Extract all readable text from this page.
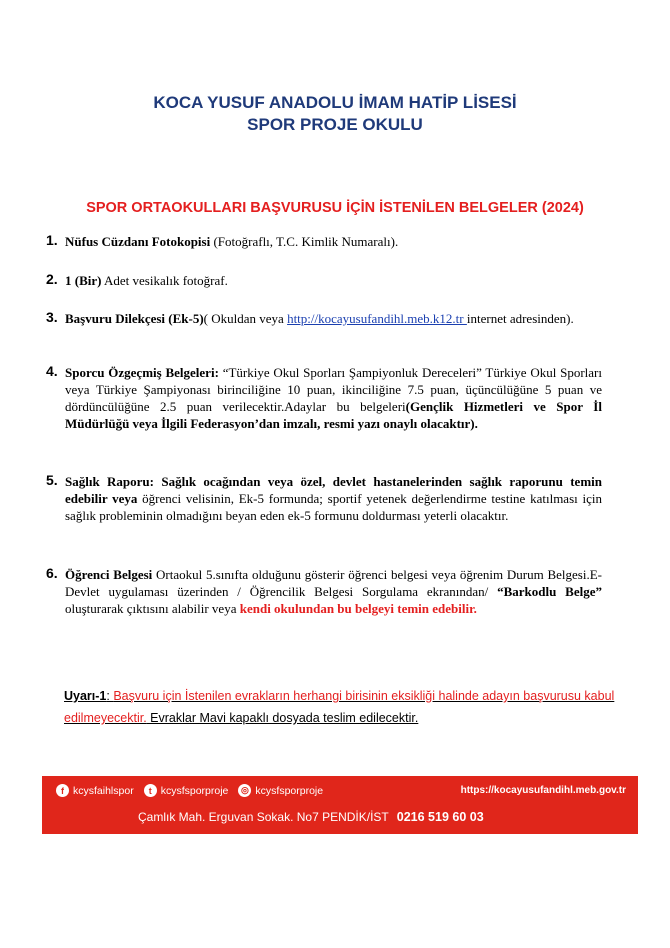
KOCA YUSUF ANADOLU İMAM HATİP LİSESİ
SPOR PROJE OKULU
SPOR ORTAOKULLARI BAŞVURUSU İÇİN İSTENİLEN BELGELER (2024)
1. Nüfus Cüzdanı Fotokopisi (Fotoğraflı, T.C. Kimlik Numaralı).
2. 1 (Bir) Adet vesikalık fotoğraf.
3. Başvuru Dilekçesi (Ek-5)( Okuldan veya http://kocayusufandihl.meb.k12.tr internet adresinden).
4. Sporcu Özgeçmiş Belgeleri: “Türkiye Okul Sporları Şampiyonluk Dereceleri” Türkiye Okul Sporları veya Türkiye Şampiyonası birinciliğine 10 puan, ikinciliğine 7.5 puan, üçüncülüğüne 5 puan ve dördüncülüğüne 2.5 puan verilecektir.Adaylar bu belgeleri(Gençlik Hizmetleri ve Spor İl Müdürlüğü veya İlgili Federasyon’dan imzalı, resmi yazı onaylı olacaktır).
5. Sağlık Raporu: Sağlık ocağından veya özel, devlet hastanelerinden sağlık raporunu temin edebilir veya öğrenci velisinin, Ek-5 formunda; sportif yetenek değerlendirme testine katılması için sağlık probleminin olmadığını beyan eden ek-5 formunu doldurması yeterli olacaktır.
6. Öğrenci Belgesi Ortaokul 5.sınıfta olduğunu gösterir öğrenci belgesi veya öğrenim Durum Belgesi.E-Devlet uygulaması üzerinden / Öğrencilik Belgesi Sorgulama ekranından/ “Barkodlu Belge” oluşturarak çıktısını alabilir veya kendi okulundan bu belgeyi temin edebilir.
Uyarı-1: Başvuru için İstenilen evrakların herhangi birisinin eksikliği halinde adayın başvurusu kabul edilmeyecektir. Evraklar Mavi kapaklı dosyada teslim edilecektir.
f kcysfaihlspor	t kcysfsporproje ◎ kcysfsporproje	https://kocayusufandihl.meb.gov.tr
Çamlık Mah. Erguvan Sokak. No7 PENDİK/İST 0216 519 60 03
